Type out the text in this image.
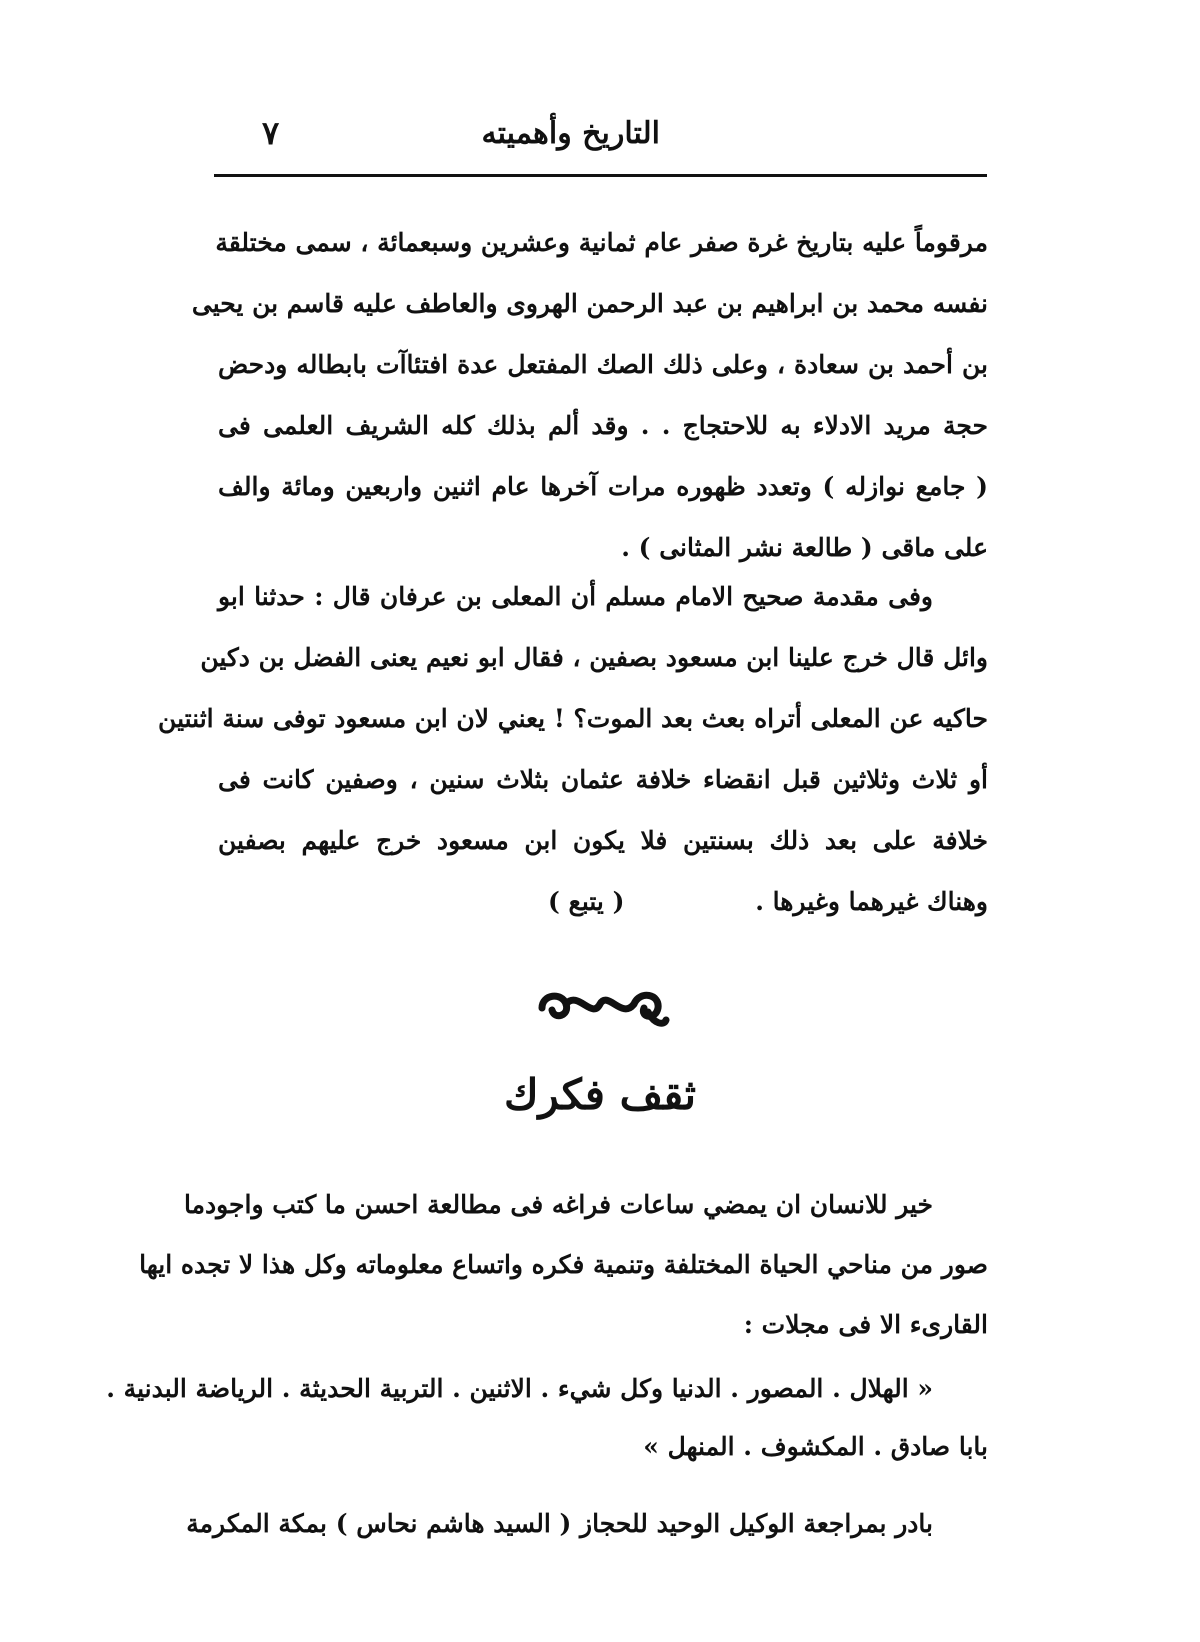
التاريخ وأهميته
٧
مرقوماً عليه بتاريخ غرة صفر عام ثمانية وعشرين وسبعمائة ، سمى مختلقة
نفسه محمد بن ابراهيم بن عبد الرحمن الهروى والعاطف عليه قاسم بن يحيى
بن أحمد بن سعادة ، وعلى ذلك الصك المفتعل عدة افتئاآت بابطاله ودحض
حجة مريد الادلاء به للاحتجاج . . وقد ألم بذلك كله الشريف العلمى فى
( جامع نوازله ) وتعدد ظهوره مرات آخرها عام اثنين واربعين ومائة والف
على ماقى ( طالعة نشر المثانى ) .
وفى مقدمة صحيح الامام مسلم أن المعلى بن عرفان قال : حدثنا ابو
وائل قال خرج علينا ابن مسعود بصفين ، فقال ابو نعيم يعنى الفضل بن دكين
حاكيه عن المعلى أتراه بعث بعد الموت؟ ! يعني لان ابن مسعود توفى سنة اثنتين
أو ثلاث وثلاثين قبل انقضاء خلافة عثمان بثلاث سنين ، وصفين كانت فى
خلافة على بعد ذلك بسنتين فلا يكون ابن مسعود خرج عليهم بصفين
وهناك غيرهما وغيرها .
( يتبع )
ثقف فكرك
خير للانسان ان يمضي ساعات فراغه فى مطالعة احسن ما كتب واجودما
صور من مناحي الحياة المختلفة وتنمية فكره واتساع معلوماته وكل هذا لا تجده ايها
القارىء الا فى مجلات :
« الهلال . المصور . الدنيا وكل شيء . الاثنين . التربية الحديثة . الرياضة البدنية .
بابا صادق . المكشوف . المنهل »
بادر بمراجعة الوكيل الوحيد للحجاز ( السيد هاشم نحاس ) بمكة المكرمة
